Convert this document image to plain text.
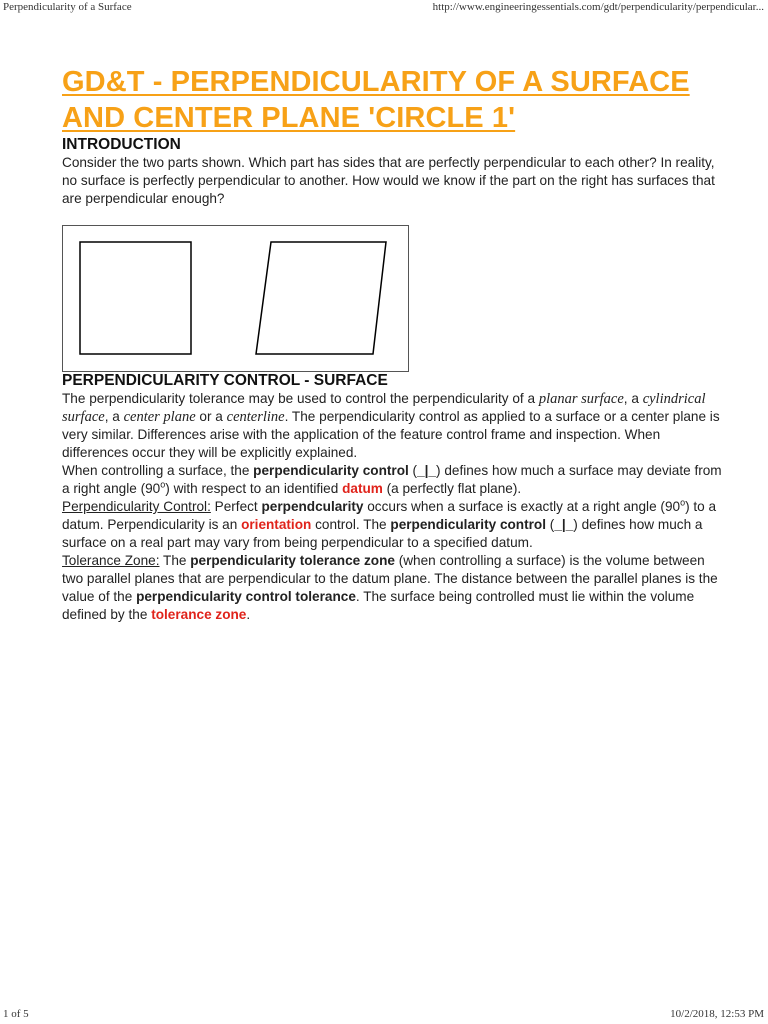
Perpendicularity of a Surface	http://www.engineeringessentials.com/gdt/perpendicularity/perpendicular...
GD&T - PERPENDICULARITY OF A SURFACE AND CENTER PLANE 'CIRCLE 1'
INTRODUCTION

Consider the two parts shown. Which part has sides that are perfectly perpendicular to each other? In reality, no surface is perfectly perpendicular to another. How would we know if the part on the right has surfaces that are perpendicular enough?

PERPENDICULARITY CONTROL - SURFACE

The perpendicularity tolerance may be used to control the perpendicularity of a planar surface, a cylindrical surface, a center plane or a centerline. The perpendicularity control as applied to a surface or a center plane is very similar. Differences arise with the application of the feature control frame and inspection. When differences occur they will be explicitly explained.

When controlling a surface, the perpendicularity control (_|_) defines how much a surface may deviate from a right angle (90$^o$) with respect to an identified datum (a perfectly flat plane).

Perpendicularity Control: Perfect perpendcularity occurs when a surface is exactly at a right angle (90$^o$) to a datum. Perpendicularity is an orientation control. The perpendicularity control (_|_) defines how much a surface on a real part may vary from being perpendicular to a specified datum.

Tolerance Zone: The perpendicularity tolerance zone (when controlling a surface) is the volume between two parallel planes that are perpendicular to the datum plane. The distance between the parallel planes is the value of the perpendicularity control tolerance. The surface being controlled must lie within the volume defined by the tolerance zone.

1 of 5	10/2/2018, 12:53 PM
